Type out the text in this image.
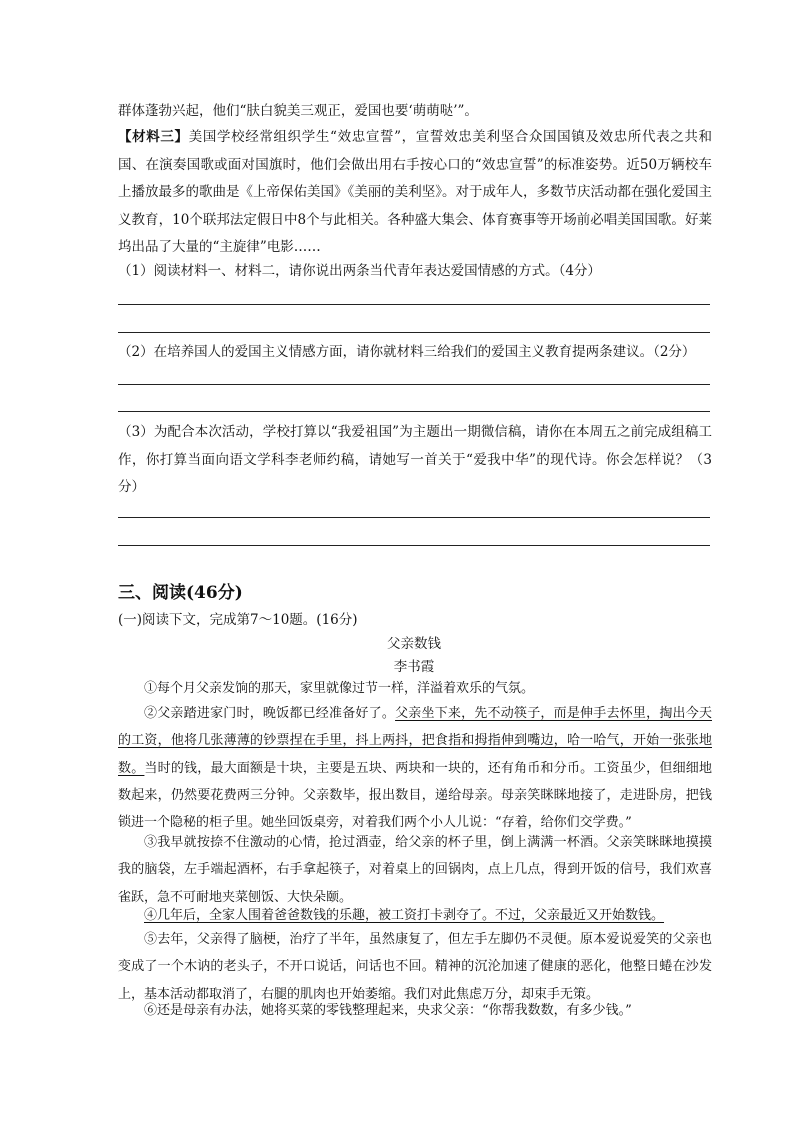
群体蓬勃兴起，他们“肤白貌美三观正，爱国也要‘萌萌哒’”。

【材料三】美国学校经常组织学生“效忠宣誓”，宣誓效忠美利坚合众国国镇及效忠所代表之共和国、在演奏国歌或面对国旗时，他们会做出用右手按心口的“效忠宣誓”的标准姿势。近50万辆校车上播放最多的歌曲是《上帝保佑美国》《美丽的美利坚》。对于成年人，多数节庆活动都在强化爱国主义教育，10个联邦法定假日中8个与此相关。各种盛大集会、体育赛事等开场前必唱美国国歌。好莱坞出品了大量的“主旋律”电影……

（1）阅读材料一、材料二，请你说出两条当代青年表达爱国情感的方式。（4分）

（2）在培养国人的爱国主义情感方面，请你就材料三给我们的爱国主义教育提两条建议。（2分）

（3）为配合本次活动，学校打算以“我爱祖国”为主题出一期微信稿，请你在本周五之前完成组稿工作，你打算当面向语文学科李老师约稿，请她写一首关于“爱我中华”的现代诗。你会怎样说？（3分）

三、阅读(46分)
(一)阅读下文，完成第7～10题。(16分)
父亲数钱
李书霞

①每个月父亲发饷的那天，家里就像过节一样，洋溢着欢乐的气氛。

②父亲踏进家门时，晚饭都已经准备好了。父亲坐下来，先不动筷子，而是伸手去怀里，掏出今天的工资，他将几张薄薄的钞票捏在手里，抖上两抖，把食指和拇指伸到嘴边，哈一哈气，开始一张张地数。当时的钱，最大面额是十块，主要是五块、两块和一块的，还有角币和分币。工资虽少，但细细地数起来，仍然要花费两三分钟。父亲数毕，报出数目，递给母亲。母亲笑眯眯地接了，走进卧房，把钱锁进一个隐秘的柜子里。她坐回饭桌旁，对着我们两个小人儿说：“存着，给你们交学费。”

③我早就按捺不住激动的心情，抢过酒壶，给父亲的杯子里，倒上满满一杯酒。父亲笑眯眯地摸摸我的脑袋，左手端起酒杯，右手拿起筷子，对着桌上的回锅肉，点上几点，得到开饭的信号，我们欢喜雀跃，急不可耐地夹菜刨饭、大快朵颐。

④几年后，全家人围着爸爸数钱的乐趣，被工资打卡剥夺了。不过，父亲最近又开始数钱。

⑤去年，父亲得了脑梗，治疗了半年，虽然康复了，但左手左脚仍不灵便。原本爱说爱笑的父亲也变成了一个木讷的老头子，不开口说话，问话也不回。精神的沉沦加速了健康的恶化，他整日蜷在沙发上，基本活动都取消了，右腿的肌肉也开始萎缩。我们对此焦虑万分，却束手无策。

⑥还是母亲有办法，她将买菜的零钱整理起来，央求父亲：“你帮我数数，有多少钱。”
